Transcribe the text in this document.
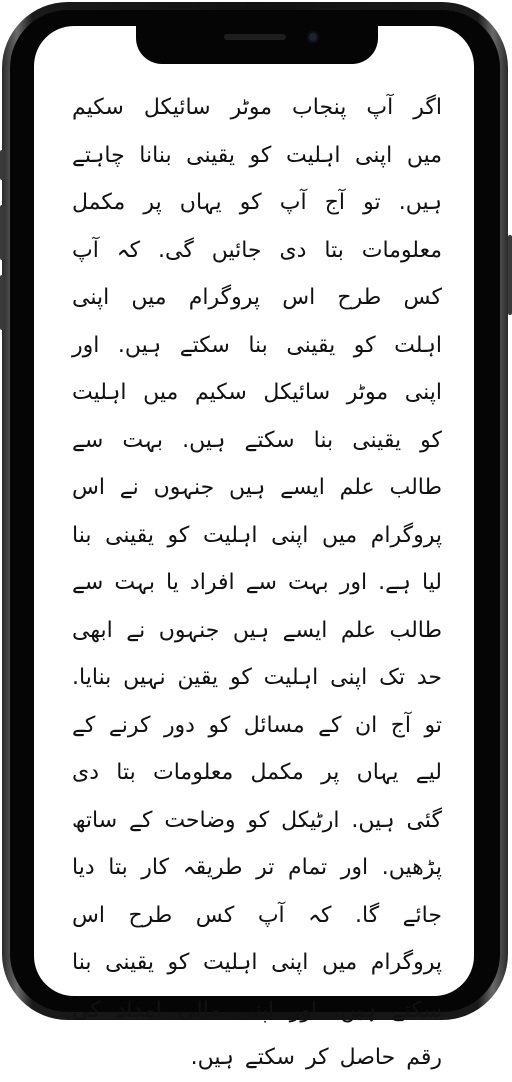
اگر آپ پنجاب موٹر سائیکل سکیم میں اپنی اہلیت کو یقینی بنانا چاہتے ہیں. تو آج آپ کو یہاں پر مکمل معلومات بتا دی جائیں گی. کہ آپ کس طرح اس پروگرام میں اپنی اہلت کو یقینی بنا سکتے ہیں. اور اپنی موٹر سائیکل سکیم میں اہلیت کو یقینی بنا سکتے ہیں. بہت سے طالب علم ایسے ہیں جنہوں نے اس پروگرام میں اپنی اہلیت کو یقینی بنا لیا ہے. اور بہت سے افراد یا بہت سے طالب علم ایسے ہیں جنہوں نے ابھی حد تک اپنی اہلیت کو یقین نہیں بنایا. تو آج ان کے مسائل کو دور کرنے کے لیے یہاں پر مکمل معلومات بتا دی گئی ہیں. ارٹیکل کو وضاحت کے ساتھ پڑھیں. اور تمام تر طریقہ کار بتا دیا جائے گا. کہ آپ کس طرح اس پروگرام میں اپنی اہلیت کو یقینی بنا سکتے ہیں. اور اپنی مالی امداد کی رقم حاصل کر سکتے ہیں.
